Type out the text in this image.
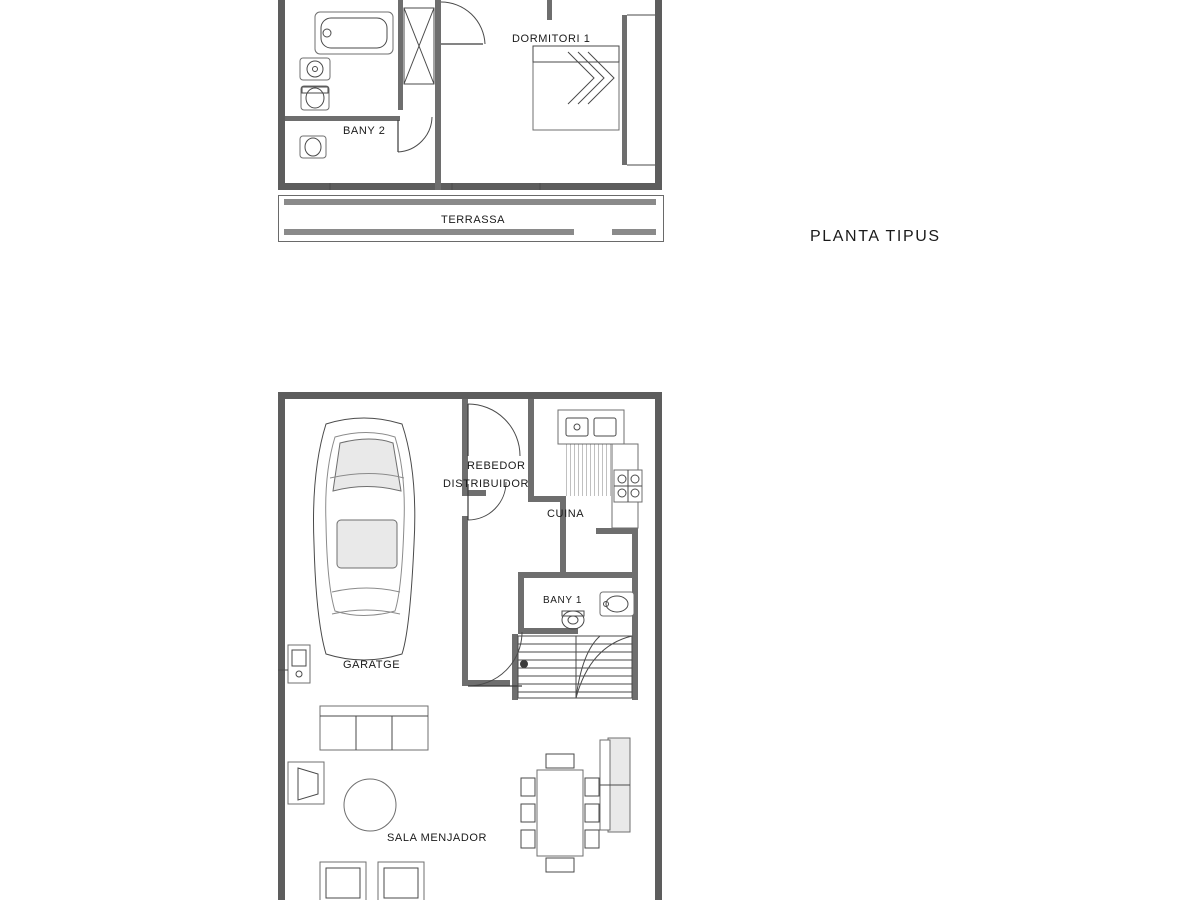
PLANTA TIPUS
DORMITORI 1
BANY 2
TERRASSA
REBEDOR
DISTRIBUIDOR
CUINA
BANY 1
GARATGE
SALA MENJADOR
